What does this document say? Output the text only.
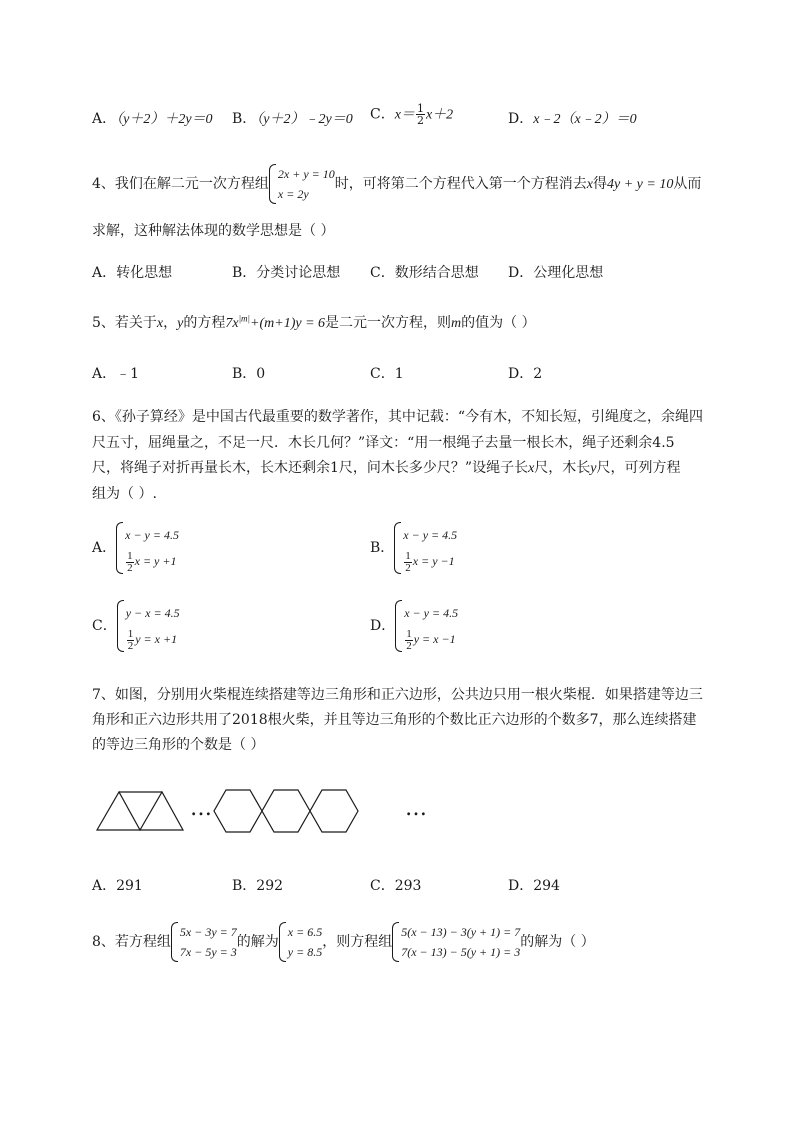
A．（y＋2）＋2y＝0 B．（y＋2）﹣2y＝0 C．$x= \frac{1}{2} x+2$	D．x﹣2（x﹣2）＝0
4、我们在解二元一次方程组
2x + y = 10
x = 2y
时，可将第二个方程代入第一个方程消去x得4y + y = 10从而
求解，这种解法体现的数学思想是（ ）
A．转化思想	B．分类讨论思想 C．数形结合思想 D．公理化思想
5、若关于x，y的方程$7x^{|m|}+(m+1)y = 6$是二元一次方程，则m的值为（ ）
A．﹣1	B．0	C．1	D．2
6、《孙子算经》是中国古代最重要的数学著作，其中记载：“今有木，不知长短，引绳度之，余绳四
尺五寸，屈绳量之，不足一尺．木长几何？”译文：“用一根绳子去量一根长木，绳子还剩余4.5
尺，将绳子对折再量长木，长木还剩余1尺，问木长多少尺？”设绳子长x尺，木长y尺，可列方程
组为（ ）.
A．
x − y = 4.5
$\frac{1}{2}$ x = y +1
B．
x − y = 4.5
$\frac{1}{2}$ x = y −1
C．
y − x = 4.5
$\frac{1}{2}$ y = x +1
D．
x − y = 4.5
$\frac{1}{2}$ y = x −1
7、如图，分别用火柴棍连续搭建等边三角形和正六边形，公共边只用一根火柴棍．如果搭建等边三
角形和正六边形共用了2018根火柴，并且等边三角形的个数比正六边形的个数多7，那么连续搭建
的等边三角形的个数是（ ）
…	…
A．291	B．292	C．293	D．294
8、若方程组
5x − 3y = 7
7x − 5y = 3
的解为
x = 6.5
y = 8.5
，则方程组
5(x − 13) − 3(y + 1) = 7
7(x − 13) − 5(y + 1) = 3
的解为（ ）
